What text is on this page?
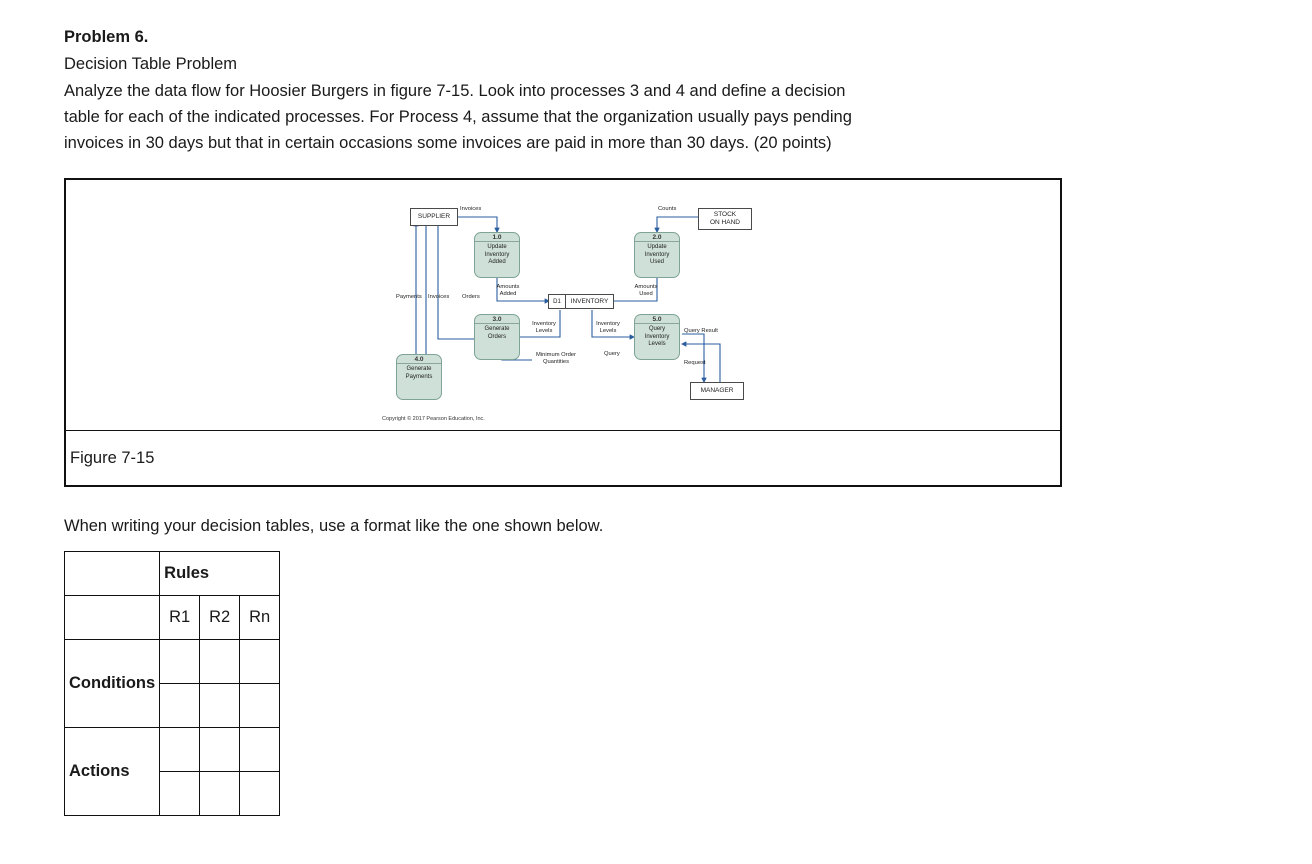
Problem 6.
Decision Table Problem
Analyze the data flow for Hoosier Burgers in figure 7-15. Look into processes 3 and 4 and define a decision table for each of the indicated processes. For Process 4, assume that the organization usually pays pending invoices in 30 days but that in certain occasions some invoices are paid in more than 30 days. (20 points)
SUPPLIER	STOCK
ON HAND
MANAGER
1.0
Update
Inventory
Added
2.0
Update
Inventory
Used
3.0
Generate
Orders
4.0
Generate
Payments
5.0
Query
Inventory
Levels
D1	INVENTORY
Invoices	Counts
Payments Invoices Orders
Amounts
Added
Amounts
Used
Inventory
Levels
Inventory
Levels	Query Result
Query
Request
Minimum Order
Quantities
Copyright © 2017 Pearson Education, Inc.
Figure 7-15
When writing your decision tables, use a format like the one shown below.
	Rules		
	R1	R2	Rn
Conditions			

Actions			
